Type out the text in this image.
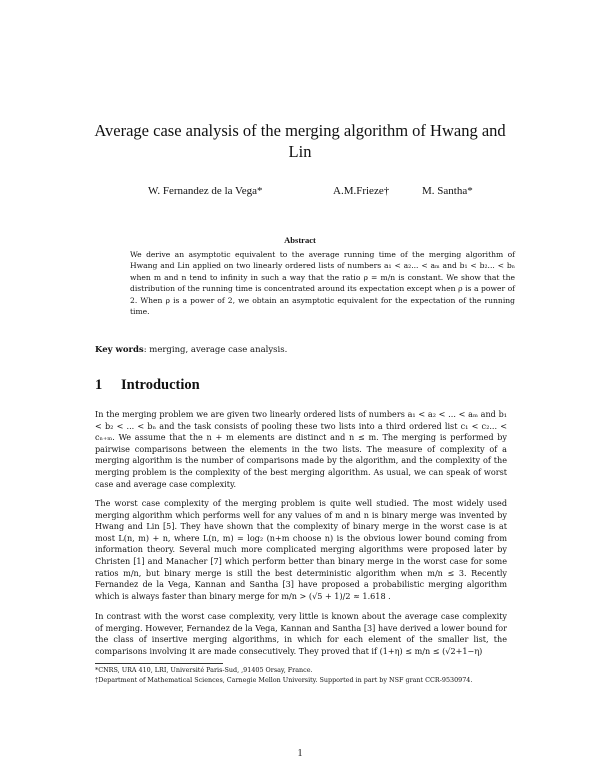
Average case analysis of the merging algorithm of Hwang and Lin
W. Fernandez de la Vega*	A.M.Frieze†	M. Santha*
Abstract
We derive an asymptotic equivalent to the average running time of the merging algorithm of Hwang and Lin applied on two linearly ordered lists of numbers a₁ < a₂... < aₘ and b₁ < b₂... < bₙ when m and n tend to infinity in such a way that the ratio ρ = m/n is constant. We show that the distribution of the running time is concentrated around its expectation except when ρ is a power of 2. When ρ is a power of 2, we obtain an asymptotic equivalent for the expectation of the running time.
Key words: merging, average case analysis.
1 Introduction
In the merging problem we are given two linearly ordered lists of numbers a₁ < a₂ < ... < aₘ and b₁ < b₂ < ... < bₙ and the task consists of pooling these two lists into a third ordered list c₁ < c₂... < cₙ₊ₘ. We assume that the n + m elements are distinct and n ≤ m. The merging is performed by pairwise comparisons between the elements in the two lists. The measure of complexity of a merging algorithm is the number of comparisons made by the algorithm, and the complexity of the merging problem is the complexity of the best merging algorithm. As usual, we can speak of worst case and average case complexity.
The worst case complexity of the merging problem is quite well studied. The most widely used merging algorithm which performs well for any values of m and n is binary merge was invented by Hwang and Lin [5]. They have shown that the complexity of binary merge in the worst case is at most L(n, m) + n, where L(n, m) = log₂ (n+m choose n) is the obvious lower bound coming from information theory. Several much more complicated merging algorithms were proposed later by Christen [1] and Manacher [7] which perform better than binary merge in the worst case for some ratios m/n, but binary merge is still the best deterministic algorithm when m/n ≤ 3. Recently Fernandez de la Vega, Kannan and Santha [3] have proposed a probabilistic merging algorithm which is always faster than binary merge for m/n > (√5 + 1)/2 ≈ 1.618 .
In contrast with the worst case complexity, very little is known about the average case complexity of merging. However, Fernandez de la Vega, Kannan and Santha [3] have derived a lower bound for the class of insertive merging algorithms, in which for each element of the smaller list, the comparisons involving it are made consecutively. They proved that if (1+η) ≤ m/n ≤ (√2+1−η)
*CNRS, URA 410, LRI, Université Paris-Sud, ,91405 Orsay, France.
†Department of Mathematical Sciences, Carnegie Mellon University. Supported in part by NSF grant CCR-9530974.
1
